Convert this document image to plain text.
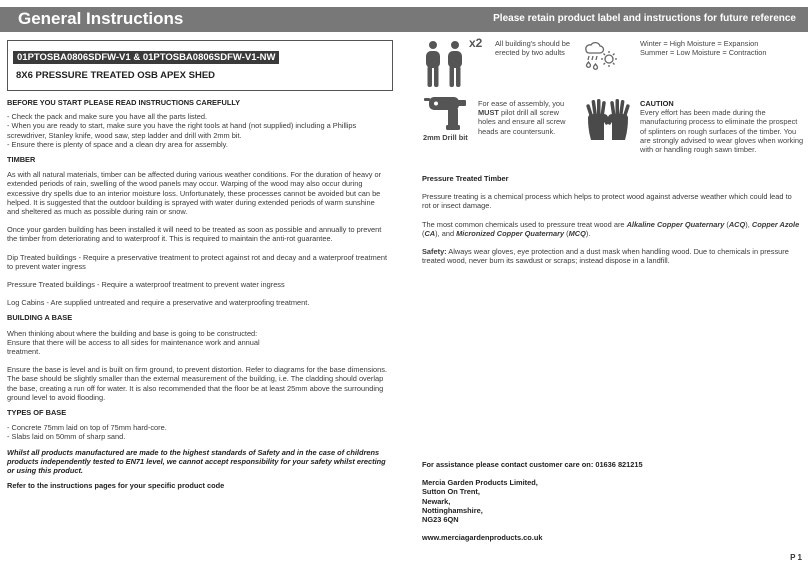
General Instructions	Please retain product label and instructions for future reference
01PTOSBA0806SDFW-V1 & 01PTOSBA0806SDFW-V1-NW
8X6 PRESSURE TREATED OSB APEX SHED

BEFORE YOU START PLEASE READ INSTRUCTIONS CAREFULLY

- Check the pack and make sure you have all the parts listed.

- When you are ready to start, make sure you have the right tools at hand (not supplied) including a Phillips screwdriver, Stanley knife, wood saw, step ladder and drill with 2mm bit.

- Ensure there is plenty of space and a clean dry area for assembly.

TIMBER

As with all natural materials, timber can be affected during various weather conditions. For the duration of heavy or extended periods of rain, swelling of the wood panels may occur. Warping of the wood may also occur during excessive dry spells due to an interior moisture loss. Unfortunately, these processes cannot be avoided but can be helped. It is suggested that the outdoor building is sprayed with water during extended periods of warm sunshine and sheltered as much as possible during rain or snow.

Once your garden building has been installed it will need to be treated as soon as possible and annually to prevent the timber from deteriorating and to waterproof it. This is required to maintain the anti-rot guarantee.

Dip Treated buildings - Require a preservative treatment to protect against rot and decay and a waterproof treatment to prevent water ingress

Pressure Treated buildings - Require a waterproof treatment to prevent water ingress

Log Cabins - Are supplied untreated and require a preservative and waterproofing treatment.

BUILDING A BASE

When thinking about where the building and base is going to be constructed: Ensure that there will be access to all sides for maintenance work and annual treatment.

Ensure the base is level and is built on firm ground, to prevent distortion. Refer to diagrams for the base dimensions. The base should be slightly smaller than the external measurement of the building, i.e. The cladding should overlap the base, creating a run off for water. It is also recommended that the floor be at least 25mm above the surrounding ground level to avoid flooding.

TYPES OF BASE

- Concrete 75mm laid on top of 75mm hard-core.

- Slabs laid on 50mm of sharp sand.

Whilst all products manufactured are made to the highest standards of Safety and in the case of childrens products independently tested to EN71 level, we cannot accept responsibility for your safety whilst erecting or using this product.

Refer to the instructions pages for your specific product code

x2 All building's should be erected by two adults
Winter = High Moisture = Expansion
Summer = Low Moisture = Contraction
2mm Drill bit
For ease of assembly, you MUST pilot drill all screw holes and ensure all screw heads are countersunk.
CAUTION
Every effort has been made during the manufacturing process to eliminate the prospect of splinters on rough surfaces of the timber. You are strongly advised to wear gloves when working with or handling rough sawn timber.

Pressure Treated Timber

Pressure treating is a chemical process which helps to protect wood against adverse weather which could lead to rot or insect damage.

The most common chemicals used to pressure treat wood are Alkaline Copper Quaternary (ACQ), Copper Azole (CA), and Micronized Copper Quaternary (MCQ).

Safety: Always wear gloves, eye protection and a dust mask when handling wood. Due to chemicals in pressure treated wood, never burn its sawdust or scraps; instead dispose in a landfill.

For assistance please contact customer care on: 01636 821215

Mercia Garden Products Limited,

Sutton On Trent,

Newark,

Nottinghamshire,

NG23 6QN

www.merciagardenproducts.co.uk

P 1
